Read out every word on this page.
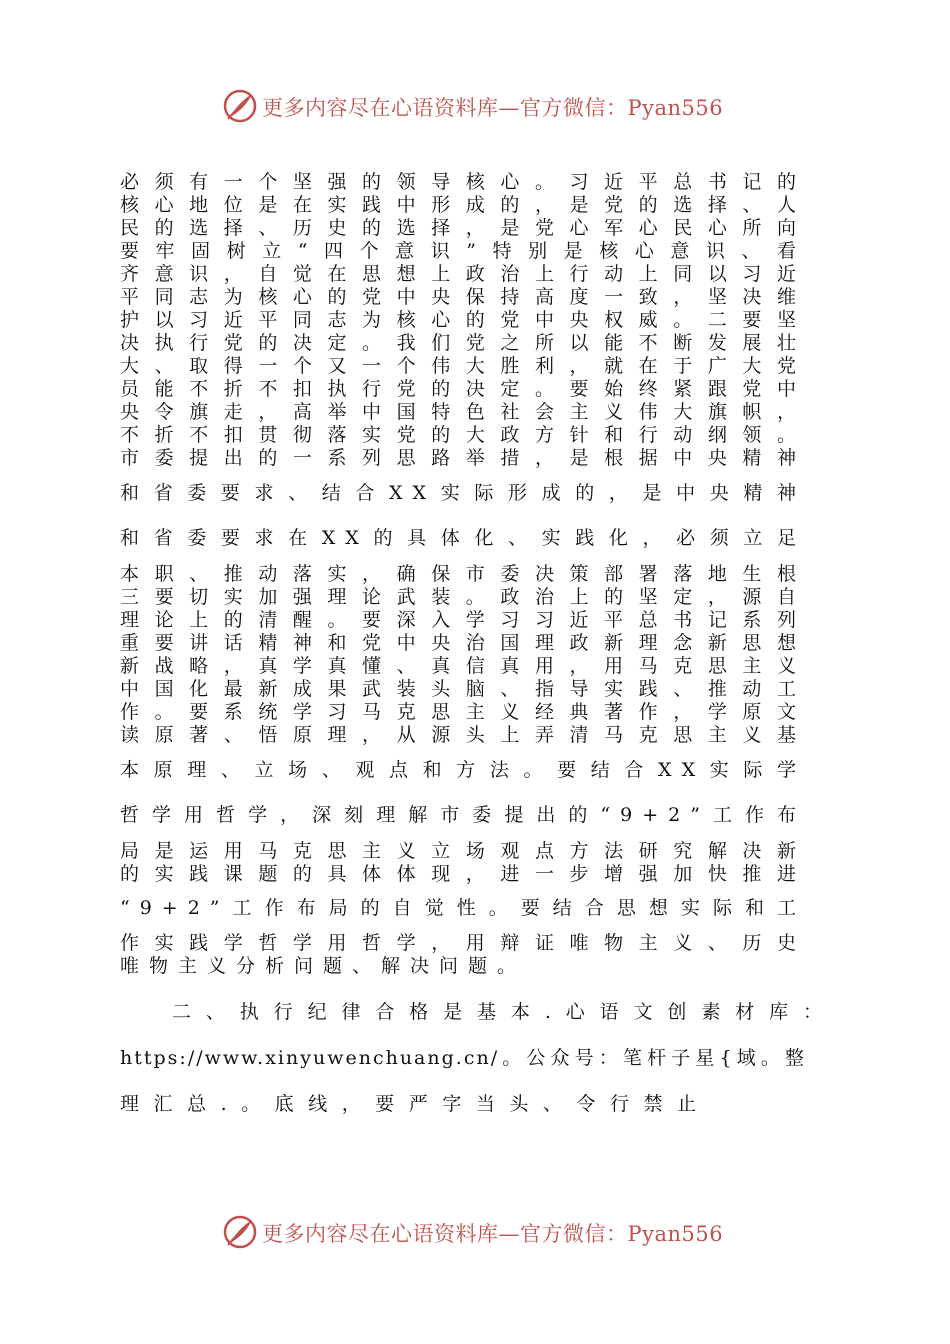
更多内容尽在心语资料库—官方微信：Pyan556
必须有一个坚强的领导核心。习近平总书记的
核心地位是在实践中形成的，是党的选择、人
民的选择、历史的选择，是党心军心民心所向
要牢固树立“四个意识”特别是核心意识、看
齐意识，自觉在思想上政治上行动上同以习近
平同志为核心的党中央保持高度一致，坚决维
护以习近平同志为核心的党中央权威。二要坚
决执行党的决定。我们党之所以能不断发展壮
大、取得一个又一个伟大胜利，就在于广大党
员能不折不扣执行党的决定。要始终紧跟党中
央令旗走，高举中国特色社会主义伟大旗帜，
不折不扣贯彻落实党的大政方针和行动纲领。
市委提出的一系列思路举措，是根据中央精神
和省委要求、结合XX实际形成的，是中央精神
和省委要求在XX的具体化、实践化，必须立足
本职、推动落实，确保市委决策部署落地生根
三要切实加强理论武装。政治上的坚定，源自
理论上的清醒。要深入学习习近平总书记系列
重要讲话精神和党中央治国理政新理念新思想
新战略，真学真懂、真信真用，用马克思主义
中国化最新成果武装头脑、指导实践、推动工
作。要系统学习马克思主义经典著作，学原文
读原著、悟原理，从源头上弄清马克思主义基
本原理、立场、观点和方法。要结合XX实际学
哲学用哲学，深刻理解市委提出的“9+2”工作布
局是运用马克思主义立场观点方法研究解决新
的实践课题的具体体现，进一步增强加快推进
“9+2”工作布局的自觉性。要结合思想实际和工
作实践学哲学用哲学，用辩证唯物主义、历史
唯物主义分析问题、解决问题。
二、执行纪律合格是基本.心语文创素材库：
https://www.xinyuwenchuang.cn/。公众号：笔杆子星{域。整
理汇总.。底线，要严字当头、令行禁止
更多内容尽在心语资料库—官方微信：Pyan556
